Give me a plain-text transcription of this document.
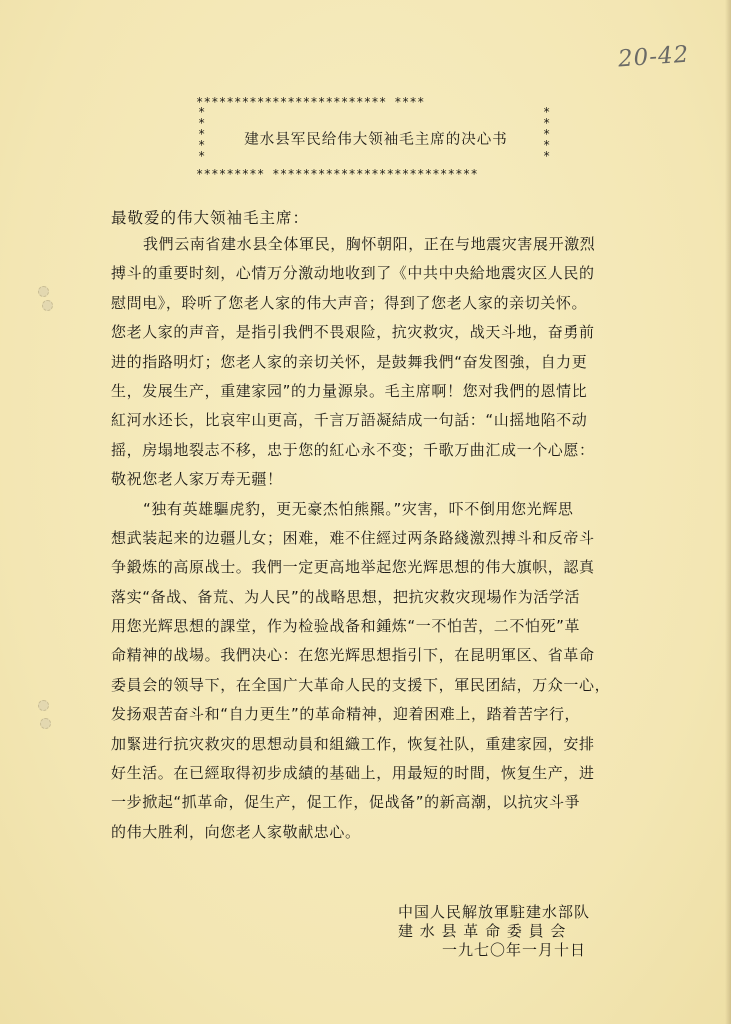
20-42
************************* ****
*
*
*
*
*
*
*
*
*
*
********* ***************************
建水县军民给伟大领袖毛主席的决心书
最敬爱的伟大领袖毛主席：
我們云南省建水县全体軍民，胸怀朝阳，正在与地震灾害展开激烈
搏斗的重要时刻，心情万分激动地收到了《中共中央給地震灾区人民的
慰問电》，聆听了您老人家的伟大声音；得到了您老人家的亲切关怀。
您老人家的声音，是指引我們不畏艰险，抗灾救灾，战天斗地，奋勇前
进的指路明灯；您老人家的亲切关怀，是鼓舞我們“奋发图強，自力更
生，发展生产，重建家园”的力量源泉。毛主席啊！您对我們的恩情比
紅河水还长，比哀牢山更高，千言万語凝結成一句話：“山摇地陷不动
摇，房塌地裂志不移，忠于您的紅心永不变；千歌万曲汇成一个心愿：
敬祝您老人家万寿无疆！
“独有英雄驅虎豹，更无豪杰怕熊羆。”灾害，吓不倒用您光辉思
想武装起来的边疆儿女；困难，难不住經过两条路綫激烈搏斗和反帝斗
争鍛炼的高原战士。我們一定更高地举起您光辉思想的伟大旗帜，認真
落实“备战、备荒、为人民”的战略思想，把抗灾救灾现場作为活学活
用您光辉思想的課堂，作为检验战备和鍾炼“一不怕苦，二不怕死”革
命精神的战場。我們决心：在您光辉思想指引下，在昆明軍区、省革命
委員会的领导下，在全国广大革命人民的支援下，軍民团結，万众一心，
发扬艰苦奋斗和“自力更生”的革命精神，迎着困难上，踏着苦字行，
加緊进行抗灾救灾的思想动員和組織工作，恢复社队，重建家园，安排
好生活。在已經取得初步成績的基础上，用最短的时間，恢复生产，进
一步掀起“抓革命，促生产，促工作，促战备”的新高潮，以抗灾斗爭
的伟大胜利，向您老人家敬献忠心。
中国人民解放軍駐建水部队
建 水 县 革 命 委 員 会
一九七〇年一月十日
